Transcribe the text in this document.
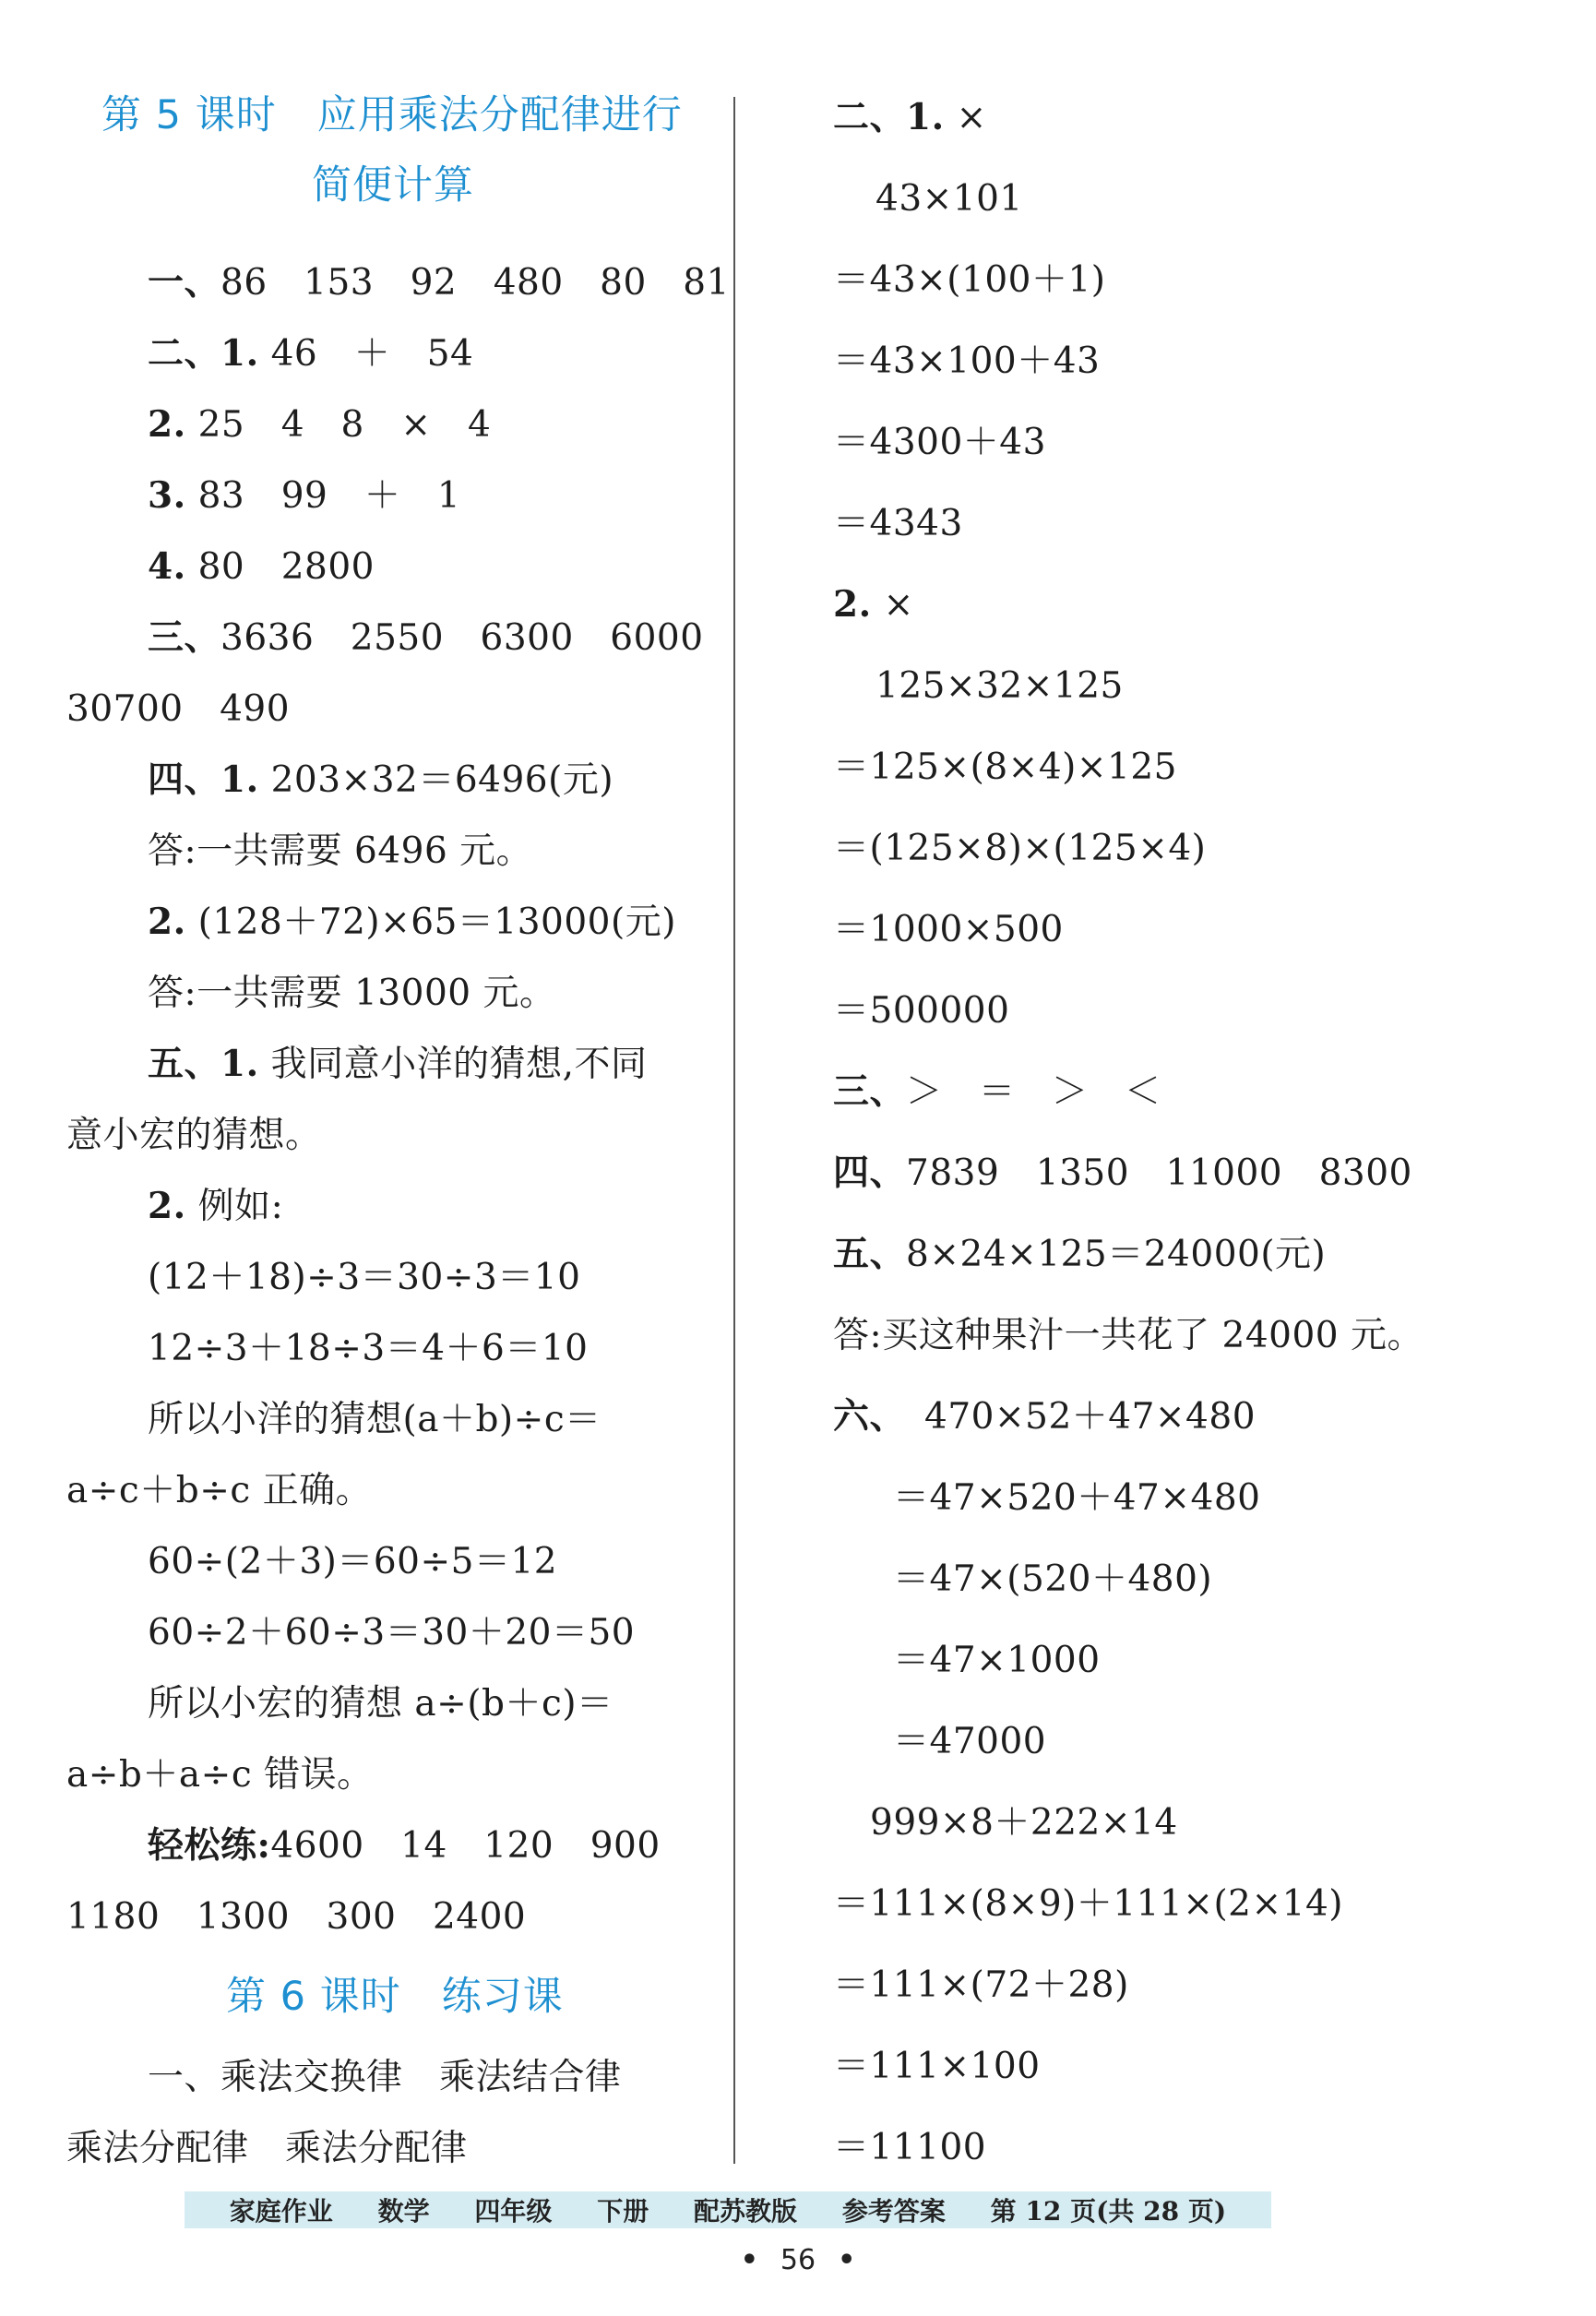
第 5 课时　应用乘法分配律进行
简便计算
一、86　153　92　480　80　81
二、1. 46　＋　54
2. 25　4　8　×　4
3. 83　99　＋　1
4. 80　2800
三、3636　2550　6300　6000
30700　490
四、1. 203×32＝6496(元)
答:一共需要 6496 元。
2. (128＋72)×65＝13000(元)
答:一共需要 13000 元。
五、1. 我同意小洋的猜想,不同
意小宏的猜想。
2. 例如:
(12＋18)÷3＝30÷3＝10
12÷3＋18÷3＝4＋6＝10
所以小洋的猜想(a＋b)÷c＝
a÷c＋b÷c 正确。
60÷(2＋3)＝60÷5＝12
60÷2＋60÷3＝30＋20＝50
所以小宏的猜想 a÷(b＋c)＝
a÷b＋a÷c 错误。
轻松练:4600　14　120　900
1180　1300　300　2400
第 6 课时　练习课
一、乘法交换律　乘法结合律
乘法分配律　乘法分配律
二、1. ×
43×101
＝43×(100＋1)
＝43×100＋43
＝4300＋43
＝4343
2. ×
125×32×125
＝125×(8×4)×125
＝(125×8)×(125×4)
＝1000×500
＝500000
三、＞　＝　＞　＜
四、7839　1350　11000　8300
五、8×24×125＝24000(元)
答:买这种果汁一共花了 24000 元。
六、　470×52＋47×480
＝47×520＋47×480
＝47×(520＋480)
＝47×1000
＝47000
999×8＋222×14
＝111×(8×9)＋111×(2×14)
＝111×(72＋28)
＝111×100
＝11100
家庭作业 数学 四年级 下册 配苏教版 参考答案 第 12 页(共 28 页)
• 56 •
